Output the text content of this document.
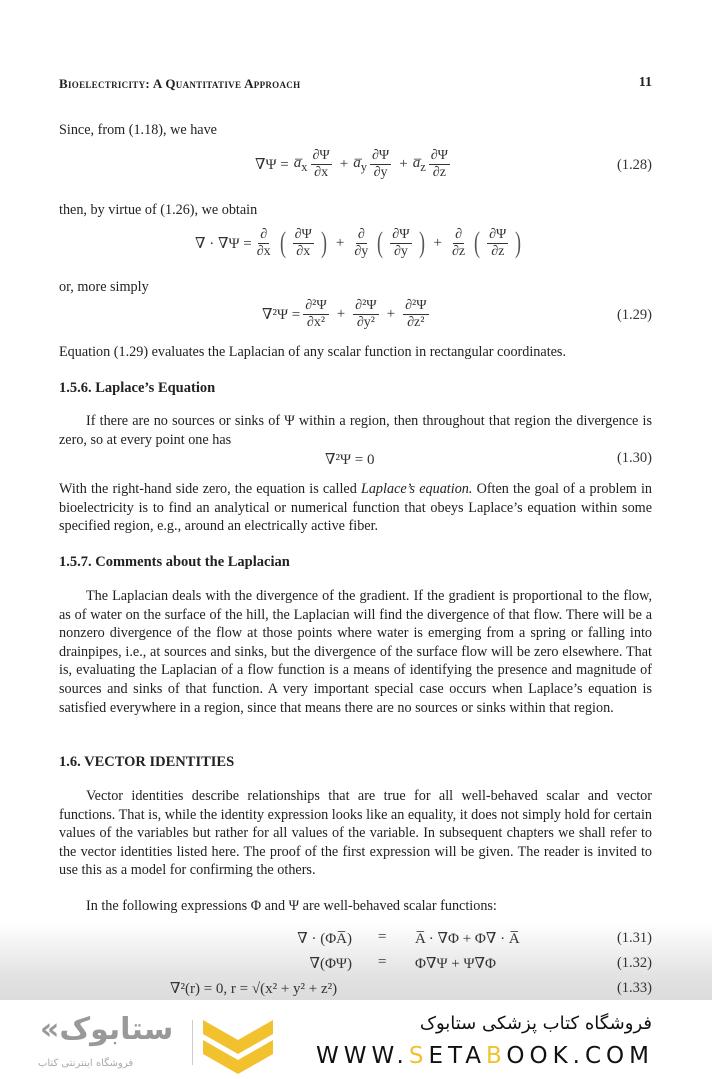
Bioelectricity: A Quantitative Approach	11
Since, from (1.18), we have
$\nabla\Psi = a̅_x$
∂Ψ
∂x
+ $a̅_y$
∂Ψ
∂y
+ $a̅_z$
∂Ψ
∂z	(1.28)
then, by virtue of (1.26), we obtain
∇ · ∇Ψ =
∂
∂x ( ∂Ψ
∂x ) +
∂
∂y ( ∂Ψ
∂y ) +
∂
∂z ( ∂Ψ
∂z )
or, more simply
$\nabla^2\Psi = \frac{\text{∂²Ψ}}{\text{∂x²}} + \frac{\text{∂²Ψ}}{\text{∂y²}} + \frac{\text{∂²Ψ}}{\text{∂z²}}$	(1.29)
Equation (1.29) evaluates the Laplacian of any scalar function in rectangular coordinates.
1.5.6. Laplace’s Equation
If there are no sources or sinks of Ψ within a region, then throughout that region the divergence is zero, so at every point one has
∇²Ψ = 0	(1.30)
With the right-hand side zero, the equation is called Laplace’s equation. Often the goal of a problem in bioelectricity is to find an analytical or numerical function that obeys Laplace’s equation within some specified region, e.g., around an electrically active fiber.
1.5.7. Comments about the Laplacian
The Laplacian deals with the divergence of the gradient. If the gradient is proportional to the flow, as of water on the surface of the hill, the Laplacian will find the divergence of that flow. There will be a nonzero divergence of the flow at those points where water is emerging from a spring or falling into drainpipes, i.e., at sources and sinks, but the divergence of the surface flow will be zero elsewhere. That is, evaluating the Laplacian of a flow function is a means of identifying the presence and magnitude of sources and sinks of that function. A very important special case occurs when Laplace’s equation is satisfied everywhere in a region, since that means there are no sources or sinks within that region.
1.6. VECTOR IDENTITIES
Vector identities describe relationships that are true for all well-behaved scalar and vector functions. That is, while the identity expression looks like an equality, it does not simply hold for certain values of the variables but rather for all values of the variable. In subsequent chapters we shall refer to the vector identities listed here. The proof of the first expression will be given. The reader is invited to use this as a model for confirming the others.
In the following expressions Φ and Ψ are well-behaved scalar functions:
∇ · (ΦA̅) = A̅ · ∇Φ + Φ∇ · A̅	(1.31)
∇(ΦΨ) = Φ∇Ψ + Ψ∇Φ	(1.32)
∇²(r) = 0, r = √(x² + y² + z²)	(1.33)
«ستابوک
فروشگاه اینترنتی کتاب
فروشگاه کتاب پزشکی ستابوک
WWW.SETABOOK.COM
